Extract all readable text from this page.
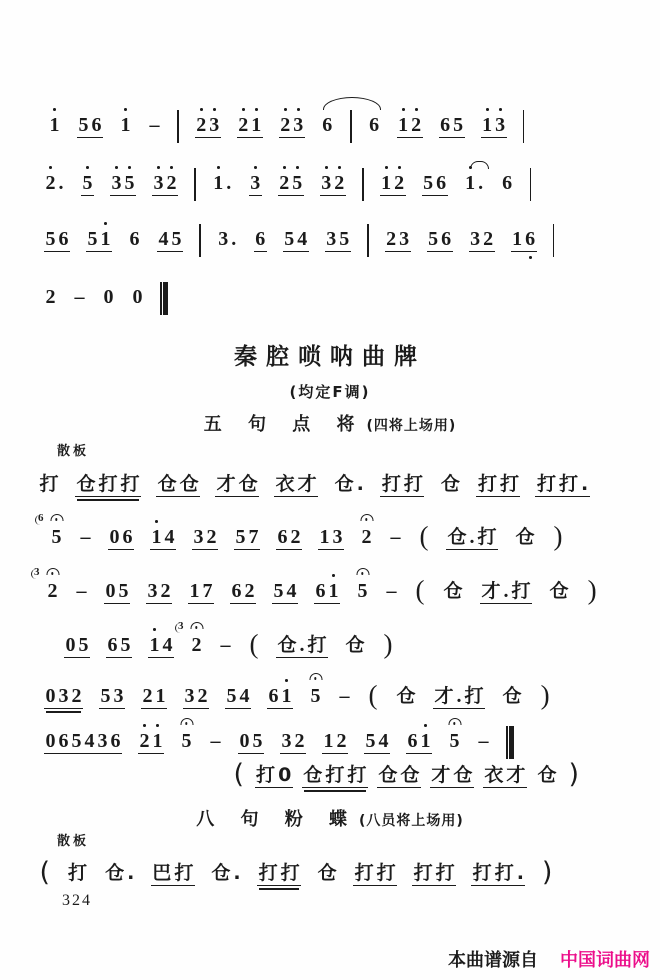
1 5 6 1 – 2 3 2 1 2 3 6 6 1 2 6 5 1 3
2 . 5 3 5 3 2 1 . 3 2 5 3 2 1 2 5 6 1 . 6
5 6 5 1 6 4 5 3 . 6 5 4 3 5 2 3 5 6 3 2 1 6
2 – 0 0
秦腔唢呐曲牌
(均定F调)
五 句 点 将 (四将上场用)
散板
打 仓 打 打 仓 仓 才 仓 衣 才 仓 . 打 打 仓 打 打 打 打 .
5
6
– 0 6 1 4 3 2 5 7 6 2 1 3 2 – ( 仓 . 打 仓 )
2
3
– 0 5 3 2 1 7 6 2 5 4 6 1 5 – ( 仓 才 . 打 仓 )
0 5 6 5 1 4 2
3
– ( 仓 . 打 仓 )
0 3 2 5 3 2 1 3 2 5 4 6 1 5 – ( 仓 才 . 打 仓 )
0 6 5 4 3 6 2 1 5 – 0 5 3 2 1 2 5 4 6 1 5 –
( 打 0 仓 打 打 仓 仓 才 仓 衣 才 仓 )
八 句 粉 蝶 (八员将上场用)
散板
( 打 仓 . 巴 打 仓 . 打 打 仓 打 打 打 打 打 打 . )
324
本曲谱源自 中国词曲网
